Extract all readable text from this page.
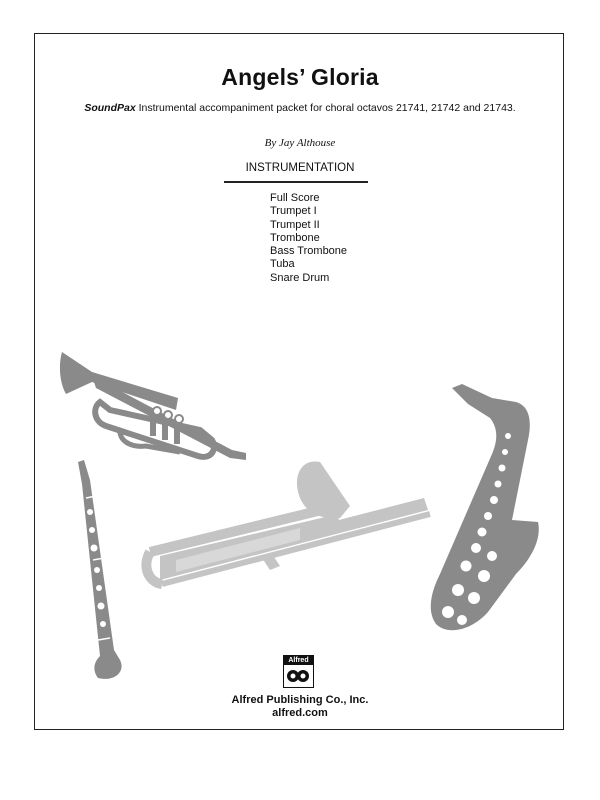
Angels’ Gloria
SoundPax Instrumental accompaniment packet for choral octavos 21741, 21742 and 21743.
By Jay Althouse
INSTRUMENTATION
Full Score
Trumpet I
Trumpet II
Trombone
Bass Trombone
Tuba
Snare Drum
Alfred
Alfred Publishing Co., Inc.
alfred.com
